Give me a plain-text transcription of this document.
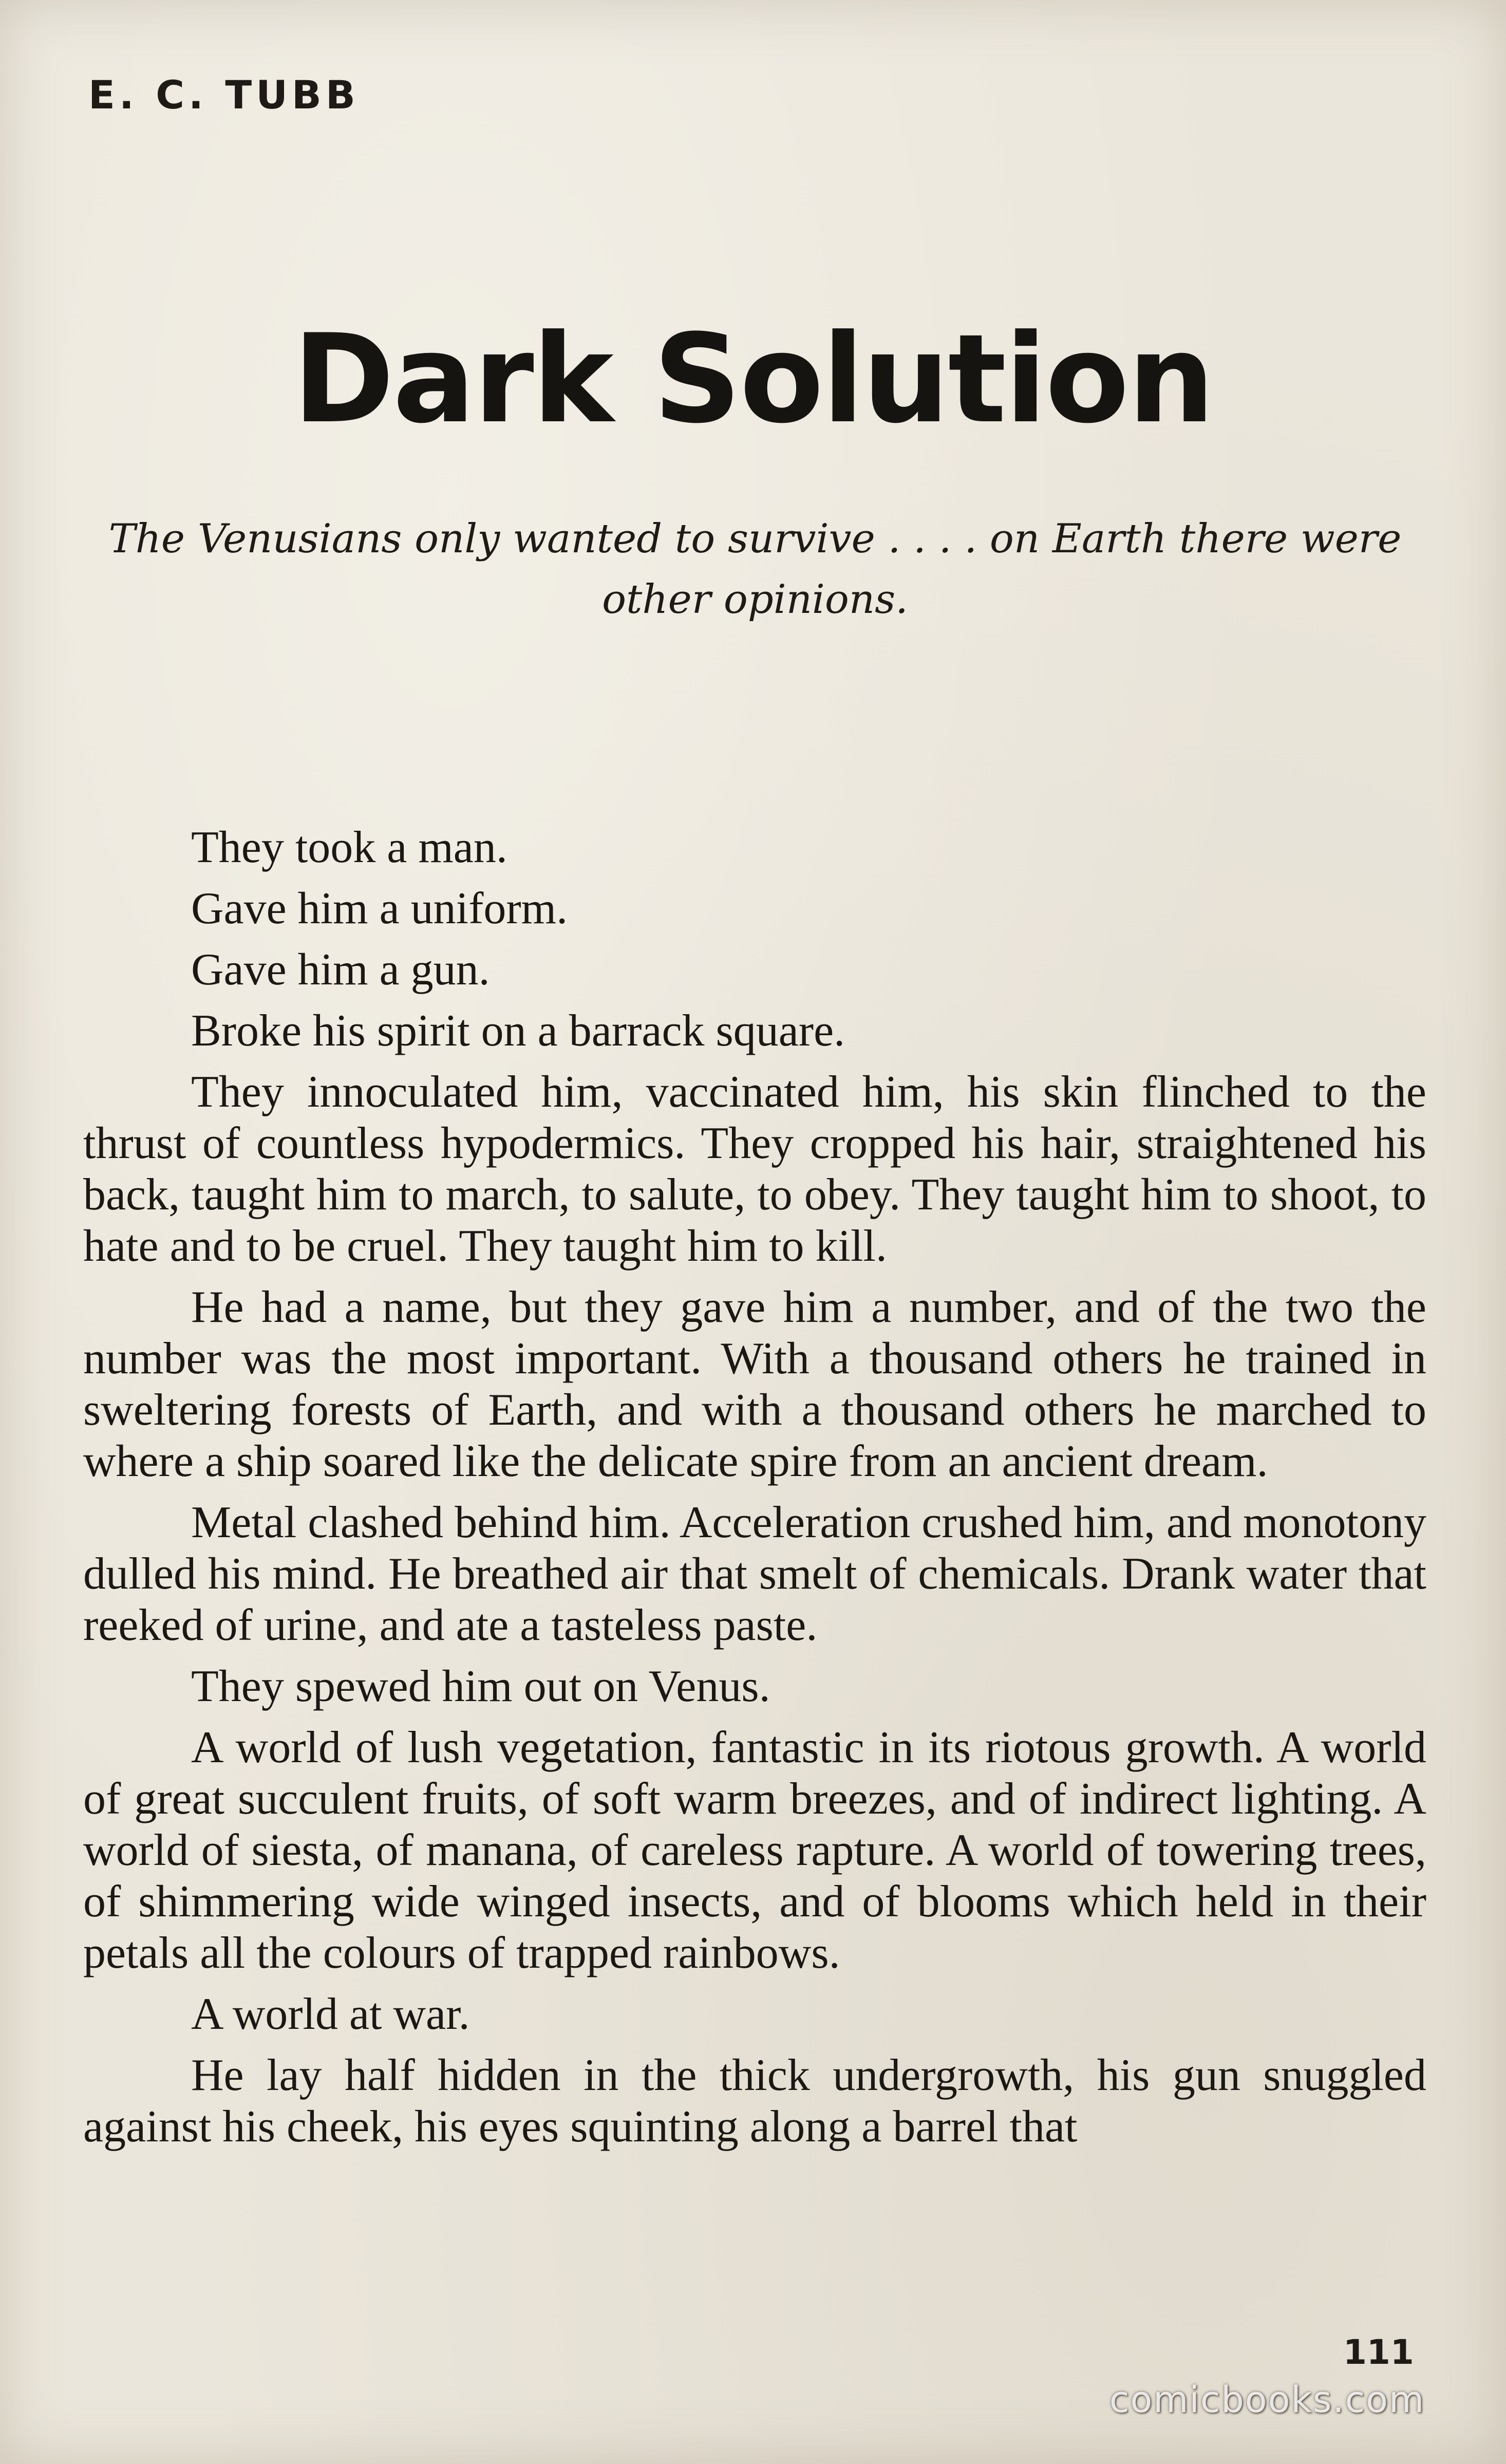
E. C. TUBB
Dark Solution
The Venusians only wanted to survive . . . . on Earth there were other opinions.

They took a man.

Gave him a uniform.

Gave him a gun.

Broke his spirit on a barrack square.

They innoculated him, vaccinated him, his skin flinched to the thrust of countless hypodermics. They cropped his hair, straightened his back, taught him to march, to salute, to obey. They taught him to shoot, to hate and to be cruel. They taught him to kill.

He had a name, but they gave him a number, and of the two the number was the most important. With a thousand others he trained in sweltering forests of Earth, and with a thousand others he marched to where a ship soared like the delicate spire from an ancient dream.

Metal clashed behind him. Acceleration crushed him, and monotony dulled his mind. He breathed air that smelt of chemicals. Drank water that reeked of urine, and ate a tasteless paste.

They spewed him out on Venus.

A world of lush vegetation, fantastic in its riotous growth. A world of great succulent fruits, of soft warm breezes, and of indirect lighting. A world of siesta, of manana, of careless rapture. A world of towering trees, of shimmering wide winged insects, and of blooms which held in their petals all the colours of trapped rainbows.

A world at war.

He lay half hidden in the thick undergrowth, his gun snuggled against his cheek, his eyes squinting along a barrel that

111
comicbooks.com
